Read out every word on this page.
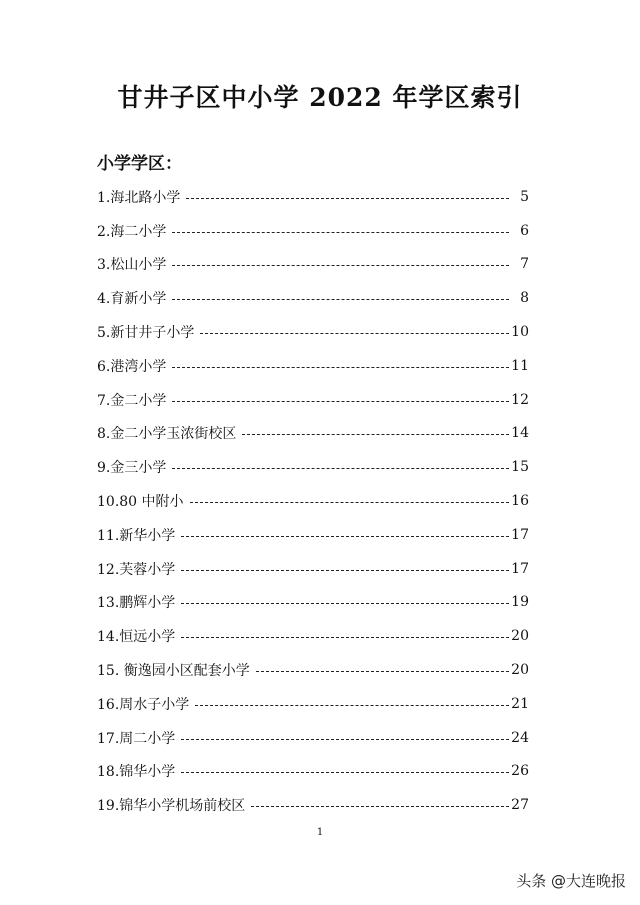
甘井子区中小学 2022 年学区索引
小学学区：
1.海北路小学	5
2.海二小学	6
3.松山小学	7
4.育新小学	8
5.新甘井子小学	10
6.港湾小学	11
7.金二小学	12
8.金二小学玉浓街校区	14
9.金三小学	15
10.80 中附小	16
11.新华小学	17
12.芙蓉小学	17
13.鹏辉小学	19
14.恒远小学	20
15. 衡逸园小区配套小学	20
16.周水子小学	21
17.周二小学	24
18.锦华小学	26
19.锦华小学机场前校区	27
1
头条 @大连晚报
